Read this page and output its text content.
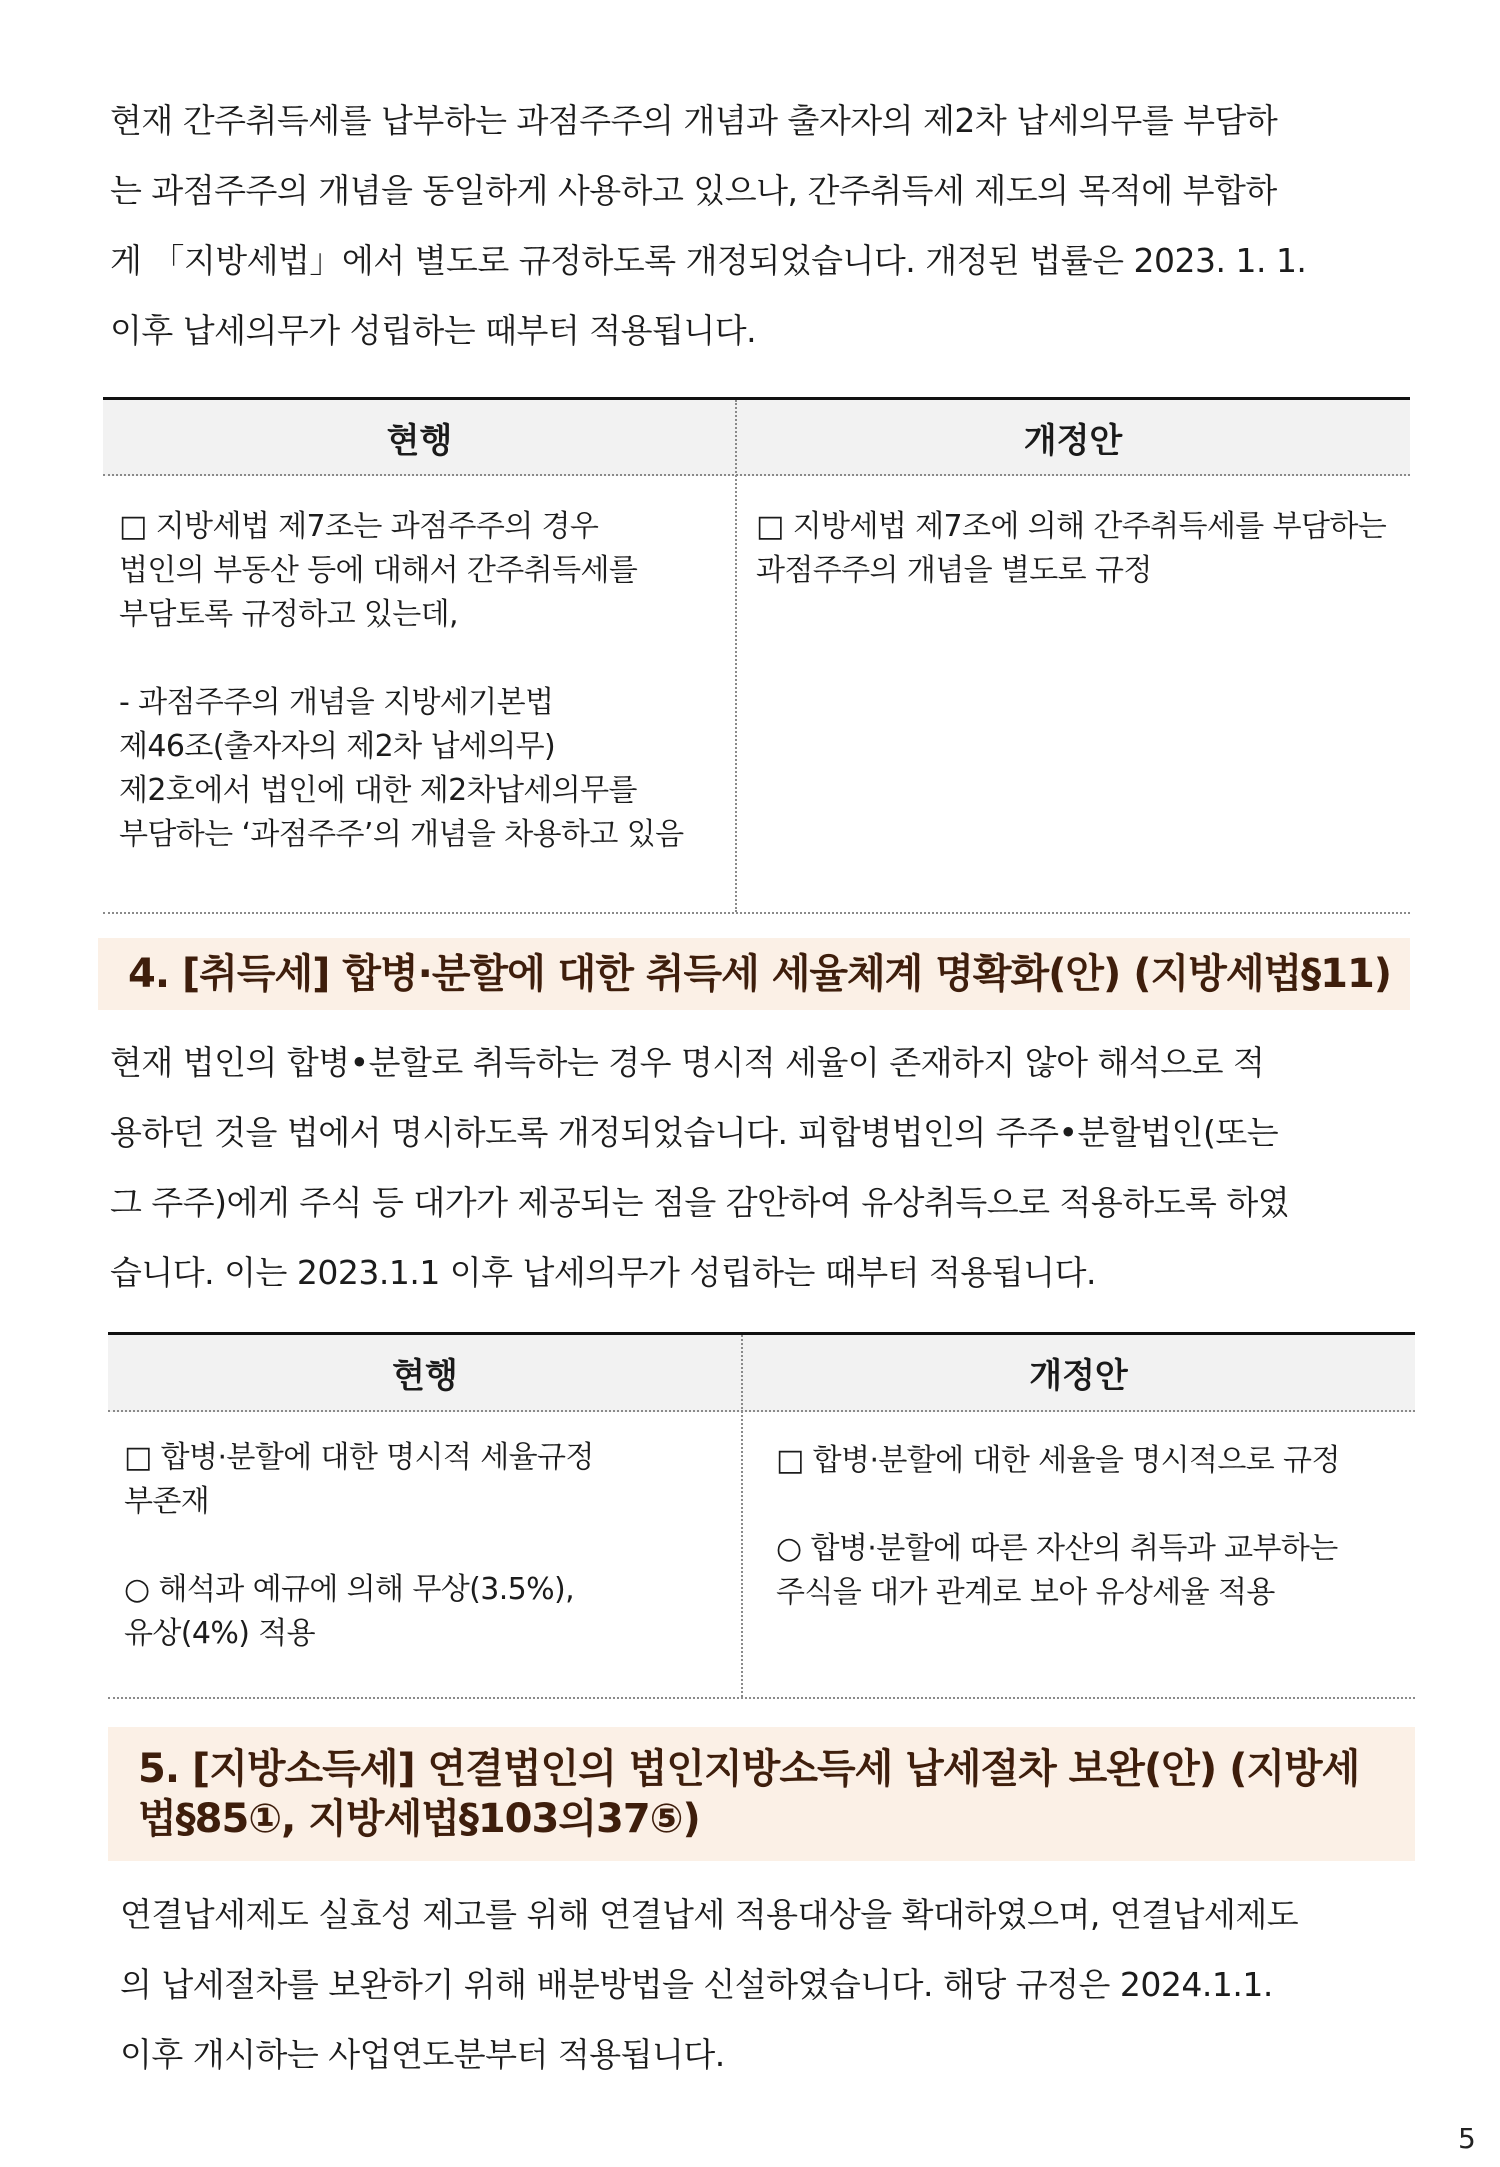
현재 간주취득세를 납부하는 과점주주의 개념과 출자자의 제2차 납세의무를 부담하
는 과점주주의 개념을 동일하게 사용하고 있으나, 간주취득세 제도의 목적에 부합하
게 「지방세법」에서 별도로 규정하도록 개정되었습니다. 개정된 법률은 2023. 1. 1.
이후 납세의무가 성립하는 때부터 적용됩니다.
현행	개정안
□ 지방세법 제7조는 과점주주의 경우
법인의 부동산 등에 대해서 간주취득세를
부담토록 규정하고 있는데,
- 과점주주의 개념을 지방세기본법
제46조(출자자의 제2차 납세의무)
제2호에서 법인에 대한 제2차납세의무를
부담하는 ‘과점주주’의 개념을 차용하고 있음
□ 지방세법 제7조에 의해 간주취득세를 부담하는
과점주주의 개념을 별도로 규정
4. [취득세] 합병·분할에 대한 취득세 세율체계 명확화(안) (지방세법§11)
현재 법인의 합병•분할로 취득하는 경우 명시적 세율이 존재하지 않아 해석으로 적
용하던 것을 법에서 명시하도록 개정되었습니다. 피합병법인의 주주•분할법인(또는
그 주주)에게 주식 등 대가가 제공되는 점을 감안하여 유상취득으로 적용하도록 하였
습니다. 이는 2023.1.1 이후 납세의무가 성립하는 때부터 적용됩니다.
현행	개정안
□ 합병·분할에 대한 명시적 세율규정
부존재
○ 해석과 예규에 의해 무상(3.5%),
유상(4%) 적용
□ 합병·분할에 대한 세율을 명시적으로 규정
○ 합병·분할에 따른 자산의 취득과 교부하는
주식을 대가 관계로 보아 유상세율 적용
5. [지방소득세] 연결법인의 법인지방소득세 납세절차 보완(안) (지방세
법§85①, 지방세법§103의37⑤)
연결납세제도 실효성 제고를 위해 연결납세 적용대상을 확대하였으며, 연결납세제도
의 납세절차를 보완하기 위해 배분방법을 신설하였습니다. 해당 규정은 2024.1.1.
이후 개시하는 사업연도분부터 적용됩니다.
5
